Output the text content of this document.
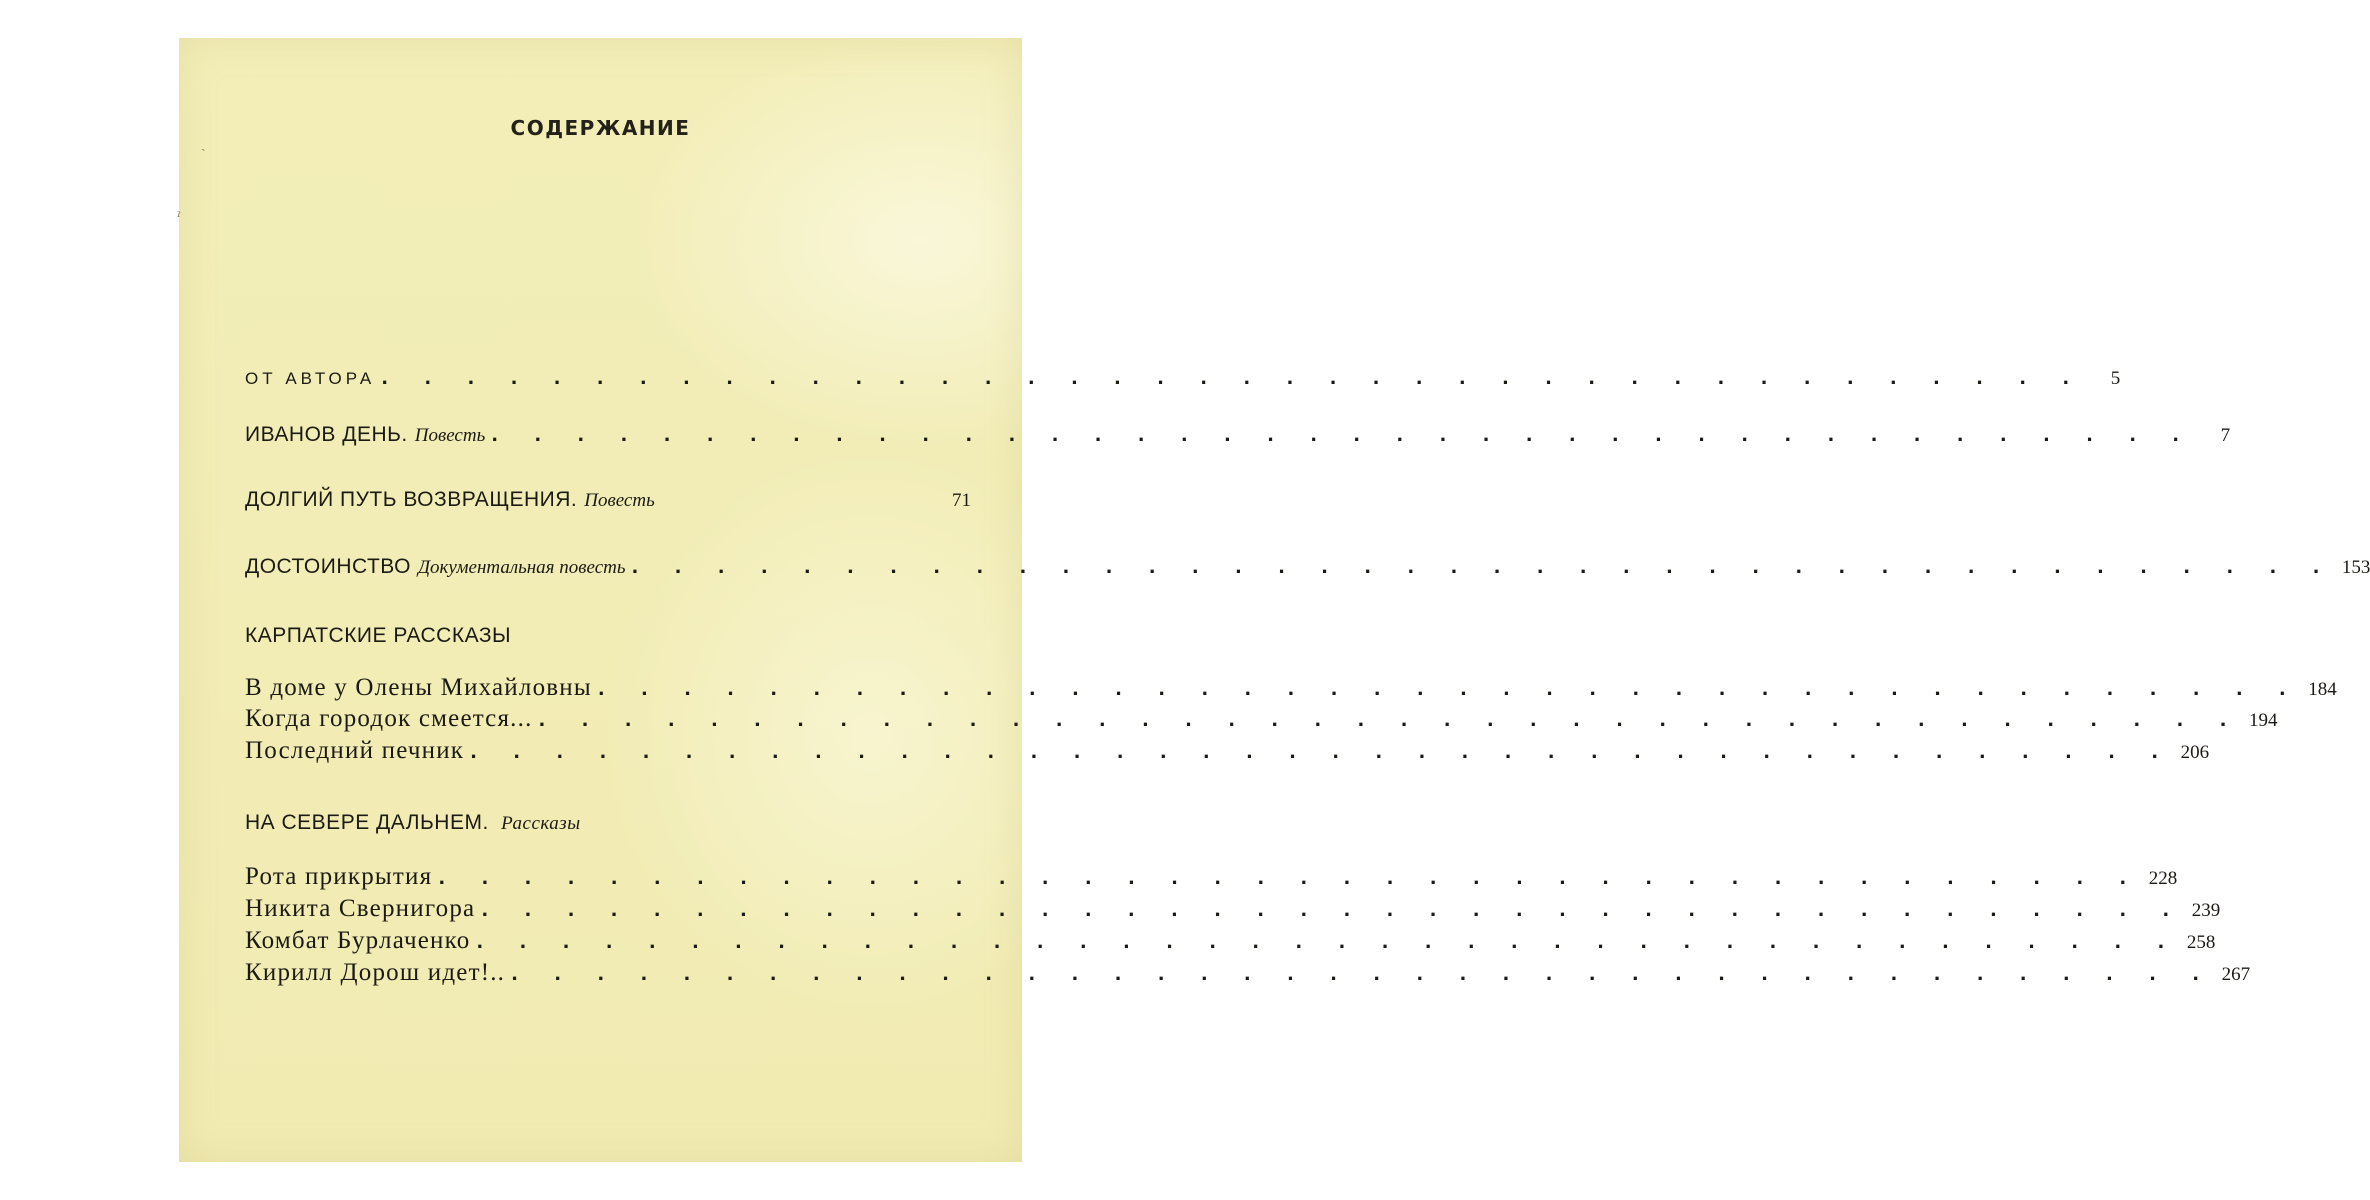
СОДЕРЖАНИЕ
ОТ АВТОРА . . . . . . . . . . . . . . . . . . . . . . . . . . . . . . . . . . . . . . . .	5
ИВАНОВ ДЕНЬ. Повесть . . . . . . . . . . . . . . . . . . . . . . . . . . . . . . . . . . . . . . . .	7
ДОЛГИЙ ПУТЬ ВОЗВРАЩЕНИЯ. Повесть	71
ДОСТОИНСТВО Документальная повесть . . . . . . . . . . . . . . . . . . . . . . . . . . . . . . . . . . . . . . . . 153
КАРПАТСКИЕ РАССКАЗЫ
В доме у Олены Михайловны . . . . . . . . . . . . . . . . . . . . . . . . . . . . . . . . . . . . . . . . 184
Когда городок смеется... . . . . . . . . . . . . . . . . . . . . . . . . . . . . . . . . . . . . . . . . 194
Последний печник . . . . . . . . . . . . . . . . . . . . . . . . . . . . . . . . . . . . . . . . 206
НА СЕВЕРЕ ДАЛЬНЕМ. Рассказы
Рота прикрытия . . . . . . . . . . . . . . . . . . . . . . . . . . . . . . . . . . . . . . . . 228
Никита Свернигора . . . . . . . . . . . . . . . . . . . . . . . . . . . . . . . . . . . . . . . . 239
Комбат Бурлаченко . . . . . . . . . . . . . . . . . . . . . . . . . . . . . . . . . . . . . . . . 258
Кирилл Дорош идет!.. . . . . . . . . . . . . . . . . . . . . . . . . . . . . . . . . . . . . . . . . 267
ˀ
ˎ
